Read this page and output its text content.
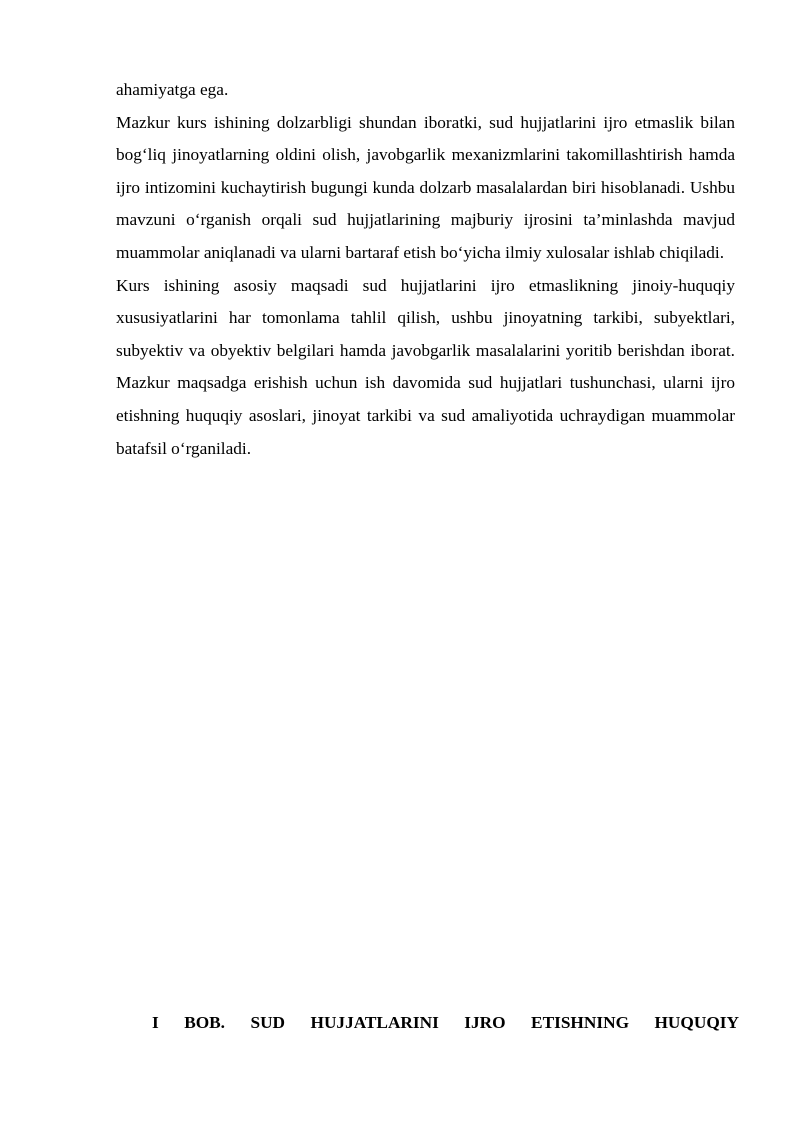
ahamiyatga ega.

Mazkur kurs ishining dolzarbligi shundan iboratki, sud hujjatlarini ijro etmaslik bilan bog‘liq jinoyatlarning oldini olish, javobgarlik mexanizmlarini takomillashtirish hamda ijro intizomini kuchaytirish bugungi kunda dolzarb masalalardan biri hisoblanadi. Ushbu mavzuni o‘rganish orqali sud hujjatlarining majburiy ijrosini ta’minlashda mavjud muammolar aniqlanadi va ularni bartaraf etish bo‘yicha ilmiy xulosalar ishlab chiqiladi.

Kurs ishining asosiy maqsadi sud hujjatlarini ijro etmaslikning jinoiy-huquqiy xususiyatlarini har tomonlama tahlil qilish, ushbu jinoyatning tarkibi, subyektlari, subyektiv va obyektiv belgilari hamda javobgarlik masalalarini yoritib berishdan iborat. Mazkur maqsadga erishish uchun ish davomida sud hujjatlari tushunchasi, ularni ijro etishning huquqiy asoslari, jinoyat tarkibi va sud amaliyotida uchraydigan muammolar batafsil o‘rganiladi.

I BOB. SUD HUJJATLARINI IJRO ETISHNING HUQUQIY
